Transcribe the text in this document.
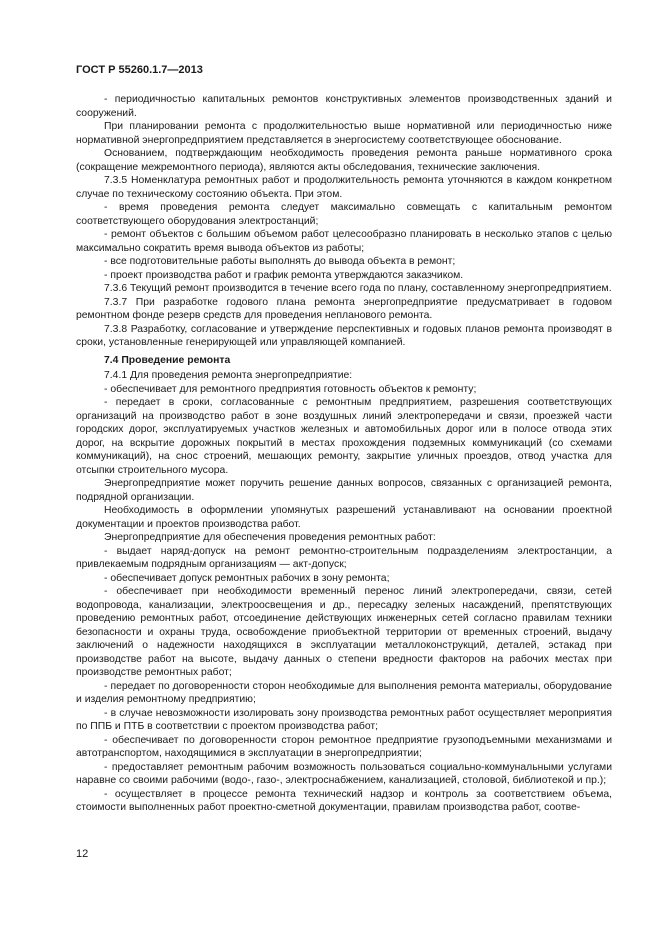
ГОСТ Р 55260.1.7—2013

- периодичностью капитальных ремонтов конструктивных элементов производственных зданий и сооружений.

При планировании ремонта с продолжительностью выше нормативной или периодичностью ниже нормативной энергопредприятием представляется в энергосистему соответствующее обоснование.

Основанием, подтверждающим необходимость проведения ремонта раньше нормативного срока (сокращение межремонтного периода), являются акты обследования, технические заключения.

7.3.5 Номенклатура ремонтных работ и продолжительность ремонта уточняются в каждом конкретном случае по техническому состоянию объекта. При этом.

- время проведения ремонта следует максимально совмещать с капитальным ремонтом соответствующего оборудования электростанций;

- ремонт объектов с большим объемом работ целесообразно планировать в несколько этапов с целью максимально сократить время вывода объектов из работы;

- все подготовительные работы выполнять до вывода объекта в ремонт;

- проект производства работ и график ремонта утверждаются заказчиком.

7.3.6 Текущий ремонт производится в течение всего года по плану, составленному энергопредприятием.

7.3.7 При разработке годового плана ремонта энергопредприятие предусматривает в годовом ремонтном фонде резерв средств для проведения непланового ремонта.

7.3.8 Разработку, согласование и утверждение перспективных и годовых планов ремонта производят в сроки, установленные генерирующей или управляющей компанией.

7.4 Проведение ремонта

7.4.1 Для проведения ремонта энергопредприятие:

- обеспечивает для ремонтного предприятия готовность объектов к ремонту;

- передает в сроки, согласованные с ремонтным предприятием, разрешения соответствующих организаций на производство работ в зоне воздушных линий электропередачи и связи, проезжей части городских дорог, эксплуатируемых участков железных и автомобильных дорог или в полосе отвода этих дорог, на вскрытие дорожных покрытий в местах прохождения подземных коммуникаций (со схемами коммуникаций), на снос строений, мешающих ремонту, закрытие уличных проездов, отвод участка для отсыпки строительного мусора.

Энергопредприятие может поручить решение данных вопросов, связанных с организацией ремонта, подрядной организации.

Необходимость в оформлении упомянутых разрешений устанавливают на основании проектной документации и проектов производства работ.

Энергопредприятие для обеспечения проведения ремонтных работ:

- выдает наряд-допуск на ремонт ремонтно-строительным подразделениям электростанции, а привлекаемым подрядным организациям — акт-допуск;

- обеспечивает допуск ремонтных рабочих в зону ремонта;

- обеспечивает при необходимости временный перенос линий электропередачи, связи, сетей водопровода, канализации, электроосвещения и др., пересадку зеленых насаждений, препятствующих проведению ремонтных работ, отсоединение действующих инженерных сетей согласно правилам техники безопасности и охраны труда, освобождение приобъектной территории от временных строений, выдачу заключений о надежности находящихся в эксплуатации металлоконструкций, деталей, эстакад при производстве работ на высоте, выдачу данных о степени вредности факторов на рабочих местах при производстве ремонтных работ;

- передает по договоренности сторон необходимые для выполнения ремонта материалы, оборудование и изделия ремонтному предприятию;

- в случае невозможности изолировать зону производства ремонтных работ осуществляет мероприятия по ППБ и ПТБ в соответствии с проектом производства работ;

- обеспечивает по договоренности сторон ремонтное предприятие грузоподъемными механизмами и автотранспортом, находящимися в эксплуатации в энергопредприятии;

- предоставляет ремонтным рабочим возможность пользоваться социально-коммунальными услугами наравне со своими рабочими (водо-, газо-, электроснабжением, канализацией, столовой, библиотекой и пр.);

- осуществляет в процессе ремонта технический надзор и контроль за соответствием объема, стоимости выполненных работ проектно-сметной документации, правилам производства работ, соотве-

12
